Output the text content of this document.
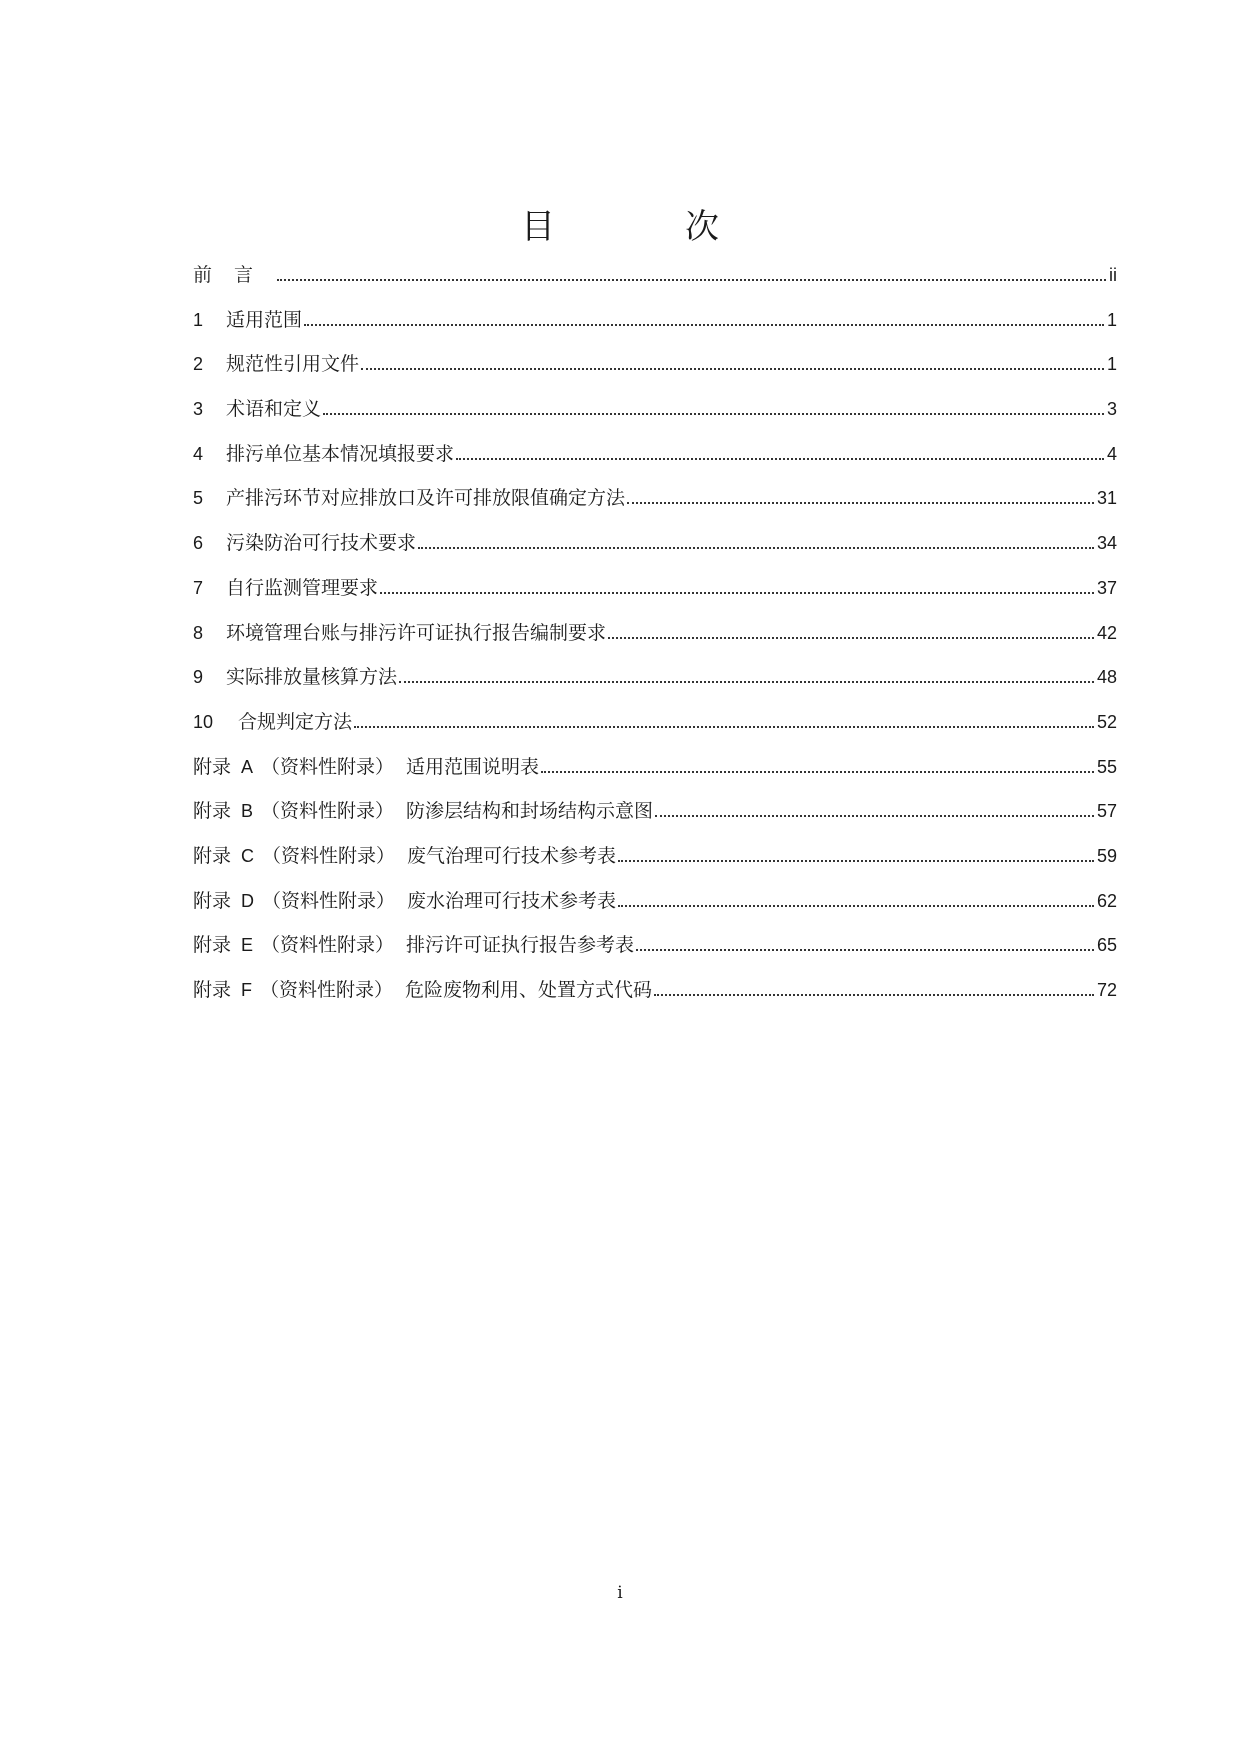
目　次
前言	ii
1	适用范围	1
2	规范性引用文件	1
3	术语和定义	3
4	排污单位基本情况填报要求	4
5	产排污环节对应排放口及许可排放限值确定方法	31
6	污染防治可行技术要求	34
7	自行监测管理要求	37
8	环境管理台账与排污许可证执行报告编制要求	42
9	实际排放量核算方法	48
10	合规判定方法	52
附录 A （资料性附录） 适用范围说明表	55
附录 B （资料性附录） 防渗层结构和封场结构示意图	57
附录 C （资料性附录） 废气治理可行技术参考表	59
附录 D （资料性附录） 废水治理可行技术参考表	62
附录 E （资料性附录） 排污许可证执行报告参考表	65
附录 F （资料性附录） 危险废物利用、处置方式代码	72
i
